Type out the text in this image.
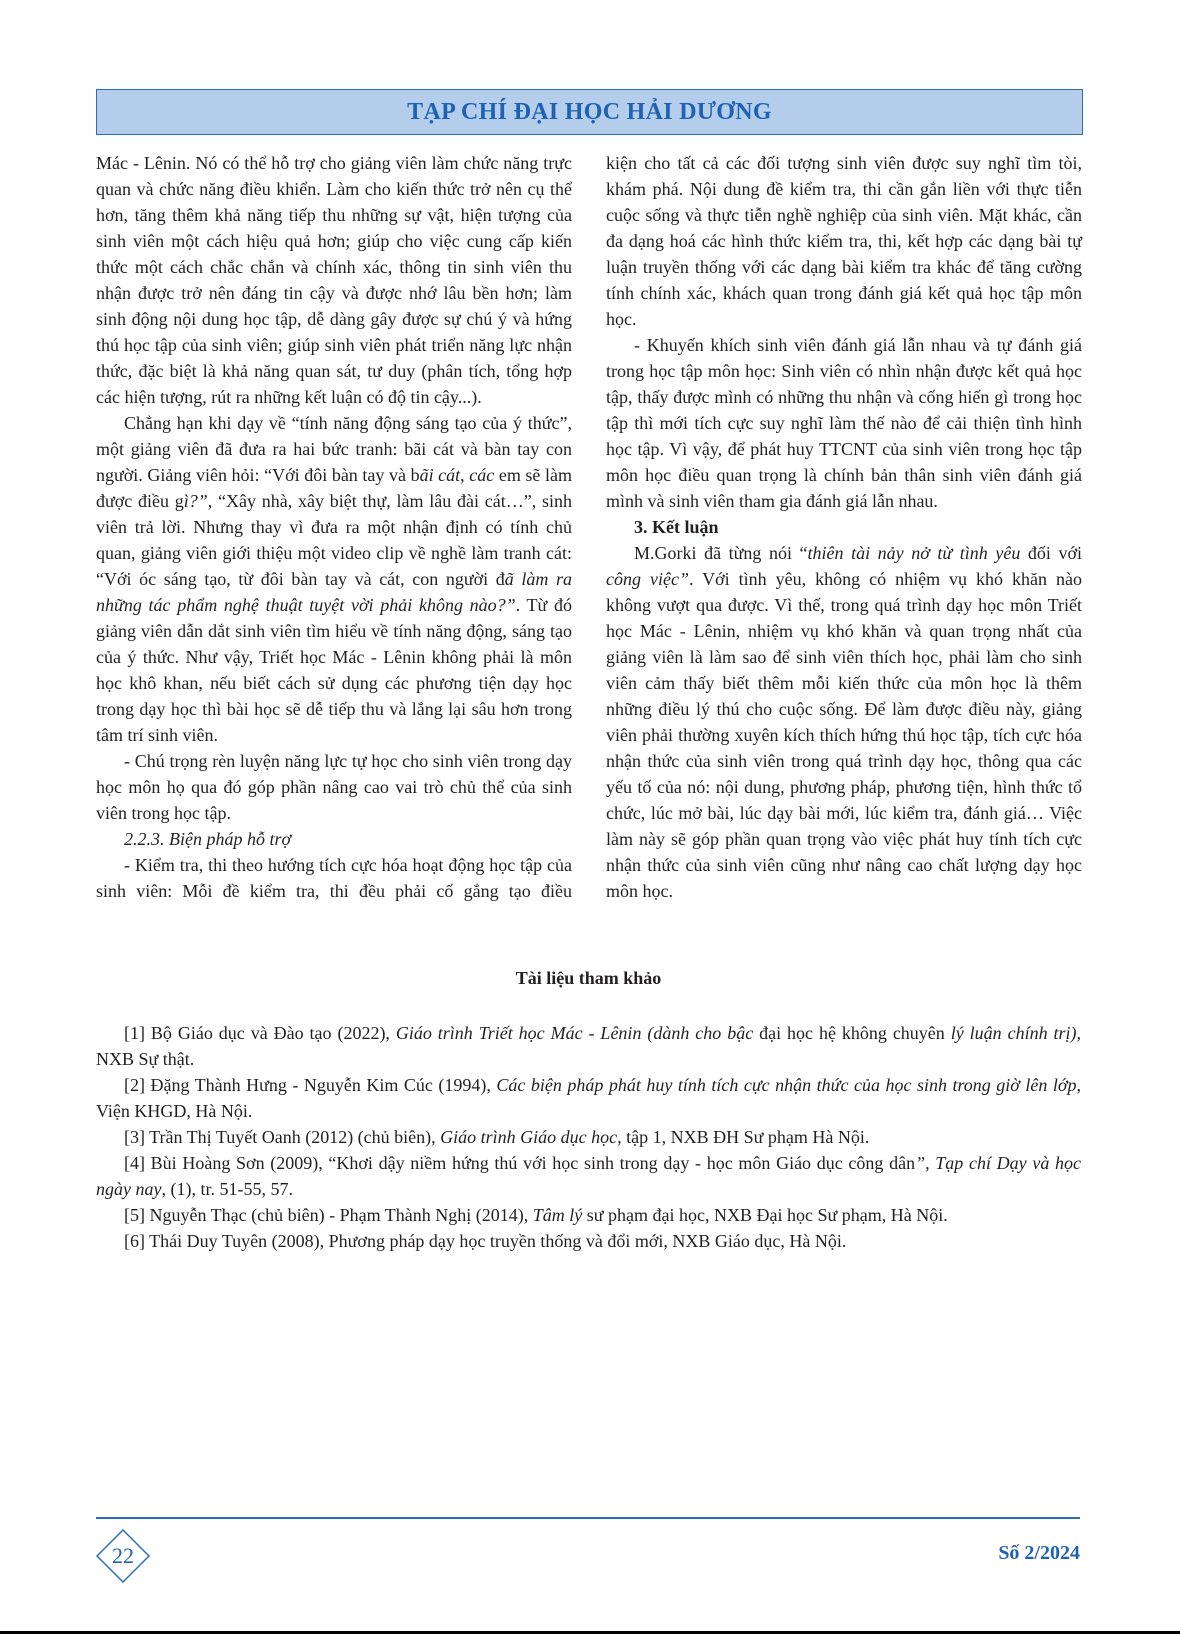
TẠP CHÍ ĐẠI HỌC HẢI DƯƠNG

Mác - Lênin. Nó có thể hỗ trợ cho giảng viên làm chức năng trực quan và chức năng điều khiển. Làm cho kiến thức trở nên cụ thể hơn, tăng thêm khả năng tiếp thu những sự vật, hiện tượng của sinh viên một cách hiệu quả hơn; giúp cho việc cung cấp kiến thức một cách chắc chắn và chính xác, thông tin sinh viên thu nhận được trở nên đáng tin cậy và được nhớ lâu bền hơn; làm sinh động nội dung học tập, dễ dàng gây được sự chú ý và hứng thú học tập của sinh viên; giúp sinh viên phát triển năng lực nhận thức, đặc biệt là khả năng quan sát, tư duy (phân tích, tổng hợp các hiện tượng, rút ra những kết luận có độ tin cậy...).

Chẳng hạn khi dạy về “tính năng động sáng tạo của ý thức”, một giảng viên đã đưa ra hai bức tranh: bãi cát và bàn tay con người. Giảng viên hỏi: “Với đôi bàn tay và bãi cát, các em sẽ làm được điều gì?”, “Xây nhà, xây biệt thự, làm lâu đài cát…”, sinh viên trả lời. Nhưng thay vì đưa ra một nhận định có tính chủ quan, giảng viên giới thiệu một video clip về nghề làm tranh cát: “Với óc sáng tạo, từ đôi bàn tay và cát, con người đã làm ra những tác phẩm nghệ thuật tuyệt vời phải không nào?”. Từ đó giảng viên dẫn dắt sinh viên tìm hiểu về tính năng động, sáng tạo của ý thức. Như vậy, Triết học Mác - Lênin không phải là môn học khô khan, nếu biết cách sử dụng các phương tiện dạy học trong dạy học thì bài học sẽ dễ tiếp thu và lắng lại sâu hơn trong tâm trí sinh viên.

- Chú trọng rèn luyện năng lực tự học cho sinh viên trong dạy học môn họ qua đó góp phần nâng cao vai trò chủ thể của sinh viên trong học tập.

2.2.3. Biện pháp hỗ trợ

- Kiểm tra, thi theo hướng tích cực hóa hoạt động học tập của sinh viên: Mỗi đề kiểm tra, thi đều phải cố gắng tạo điều

kiện cho tất cả các đối tượng sinh viên được suy nghĩ tìm tòi, khám phá. Nội dung đề kiểm tra, thi cần gắn liền với thực tiễn cuộc sống và thực tiễn nghề nghiệp của sinh viên. Mặt khác, cần đa dạng hoá các hình thức kiểm tra, thi, kết hợp các dạng bài tự luận truyền thống với các dạng bài kiểm tra khác để tăng cường tính chính xác, khách quan trong đánh giá kết quả học tập môn học.

- Khuyến khích sinh viên đánh giá lẫn nhau và tự đánh giá trong học tập môn học: Sinh viên có nhìn nhận được kết quả học tập, thấy được mình có những thu nhận và cống hiến gì trong học tập thì mới tích cực suy nghĩ làm thế nào để cải thiện tình hình học tập. Vì vậy, để phát huy TTCNT của sinh viên trong học tập môn học điều quan trọng là chính bản thân sinh viên đánh giá mình và sinh viên tham gia đánh giá lẫn nhau.

3. Kết luận

M.Gorki đã từng nói “thiên tài nảy nở từ tình yêu đối với công việc”. Với tình yêu, không có nhiệm vụ khó khăn nào không vượt qua được. Vì thế, trong quá trình dạy học môn Triết học Mác - Lênin, nhiệm vụ khó khăn và quan trọng nhất của giảng viên là làm sao để sinh viên thích học, phải làm cho sinh viên cảm thấy biết thêm mỗi kiến thức của môn học là thêm những điều lý thú cho cuộc sống. Để làm được điều này, giảng viên phải thường xuyên kích thích hứng thú học tập, tích cực hóa nhận thức của sinh viên trong quá trình dạy học, thông qua các yếu tố của nó: nội dung, phương pháp, phương tiện, hình thức tổ chức, lúc mở bài, lúc dạy bài mới, lúc kiểm tra, đánh giá… Việc làm này sẽ góp phần quan trọng vào việc phát huy tính tích cực nhận thức của sinh viên cũng như nâng cao chất lượng dạy học môn học.

Tài liệu tham khảo

[1] Bộ Giáo dục và Đào tạo (2022), Giáo trình Triết học Mác - Lênin (dành cho bậc đại học hệ không chuyên lý luận chính trị), NXB Sự thật.

[2] Đặng Thành Hưng - Nguyễn Kim Cúc (1994), Các biện pháp phát huy tính tích cực nhận thức của học sinh trong giờ lên lớp, Viện KHGD, Hà Nội.

[3] Trần Thị Tuyết Oanh (2012) (chủ biên), Giáo trình Giáo dục học, tập 1, NXB ĐH Sư phạm Hà Nội.

[4] Bùi Hoàng Sơn (2009), “Khơi dậy niềm hứng thú với học sinh trong dạy - học môn Giáo dục công dân”, Tạp chí Dạy và học ngày nay, (1), tr. 51-55, 57.

[5] Nguyễn Thạc (chủ biên) - Phạm Thành Nghị (2014), Tâm lý sư phạm đại học, NXB Đại học Sư phạm, Hà Nội.

[6] Thái Duy Tuyên (2008), Phương pháp dạy học truyền thống và đổi mới, NXB Giáo dục, Hà Nội.

22	Số 2/2024
